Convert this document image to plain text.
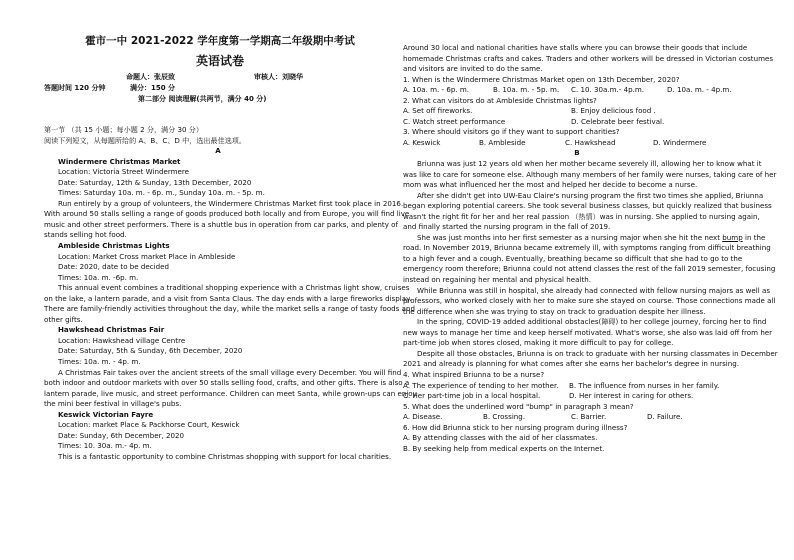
霍市一中 2021-2022 学年度第一学期高二年级期中考试
英语试卷
命题人：张辰致	审核人：刘晓华
答题时间 120 分钟	满分：150 分
第二部分 阅读理解(共两节，满分 40 分)

第一节 （共 15 小题；每小题 2 分，满分 30 分）

阅读下列短文，从每题所给的 A、B、C、D 中，选出最佳选项。

A

Windermere Christmas Market

Location: Victoria Street Windermere

Date: Saturday, 12th & Sunday, 13th December, 2020

Times: Saturday 10a. m. - 6p. m., Sunday 10a. m. - 5p. m.

Run entirely by a group of volunteers, the Windermere Christmas Market first took place in 2016.

With around 50 stalls selling a range of goods produced both locally and from Europe, you will find live

music and other street performers. There is a shuttle bus in operation from car parks, and plenty of

stands selling hot food.

Ambleside Christmas Lights

Location: Market Cross market Place in Ambleside

Date: 2020, date to be decided

Times: 10a. m. -6p. m.

This annual event combines a traditional shopping experience with a Christmas light show, cruises

on the lake, a lantern parade, and a visit from Santa Claus. The day ends with a large fireworks display.

There are family-friendly activities throughout the day, while the market sells a range of tasty foods and

other gifts.

Hawkshead Christmas Fair

Location: Hawkshead village Centre

Date: Saturday, 5th & Sunday, 6th December, 2020

Times: 10a. m. - 4p. m.

A Christmas Fair takes over the ancient streets of the small village every December. You will find

both indoor and outdoor markets with over 50 stalls selling food, crafts, and other gifts. There is also a

lantern parade, live music, and street performance. Children can meet Santa, while grown-ups can enjoy

the mini beer festival in village's pubs.

Keswick Victorian Fayre

Location: market Place & Packhorse Court, Keswick

Date: Sunday, 6th December, 2020

Times: 10. 30a. m.- 4p. m.

This is a fantastic opportunity to combine Christmas shopping with support for local charities.

Around 30 local and national charities have stalls where you can browse their goods that include

homemade Christmas crafts and cakes. Traders and other workers will be dressed in Victorian costumes

and visitors are invited to do the same.

1. When is the Windermere Christmas Market open on 13th December, 2020?

A. 10a. m. - 6p. m.	B. 10a. m. - 5p. m.	C. 10. 30a.m.- 4p.m.	D. 10a. m. - 4p.m.

2. What can visitors do at Ambleside Christmas lights?

A. Set off fireworks.	B. Enjoy delicious food .

C. Watch street performance	D. Celebrate beer festival.

3. Where should visitors go if they want to support charities?

A. Keswick	B. Ambleside	C. Hawkshead	D. Windermere

B

Briunna was just 12 years old when her mother became severely ill, allowing her to know what it

was like to care for someone else. Although many members of her family were nurses, taking care of her

mom was what influenced her the most and helped her decide to become a nurse.

After she didn't get into UW-Eau Claire's nursing program the first two times she applied, Briunna

began exploring potential careers. She took several business classes, but quickly realized that business

wasn't the right fit for her and her real passion （热情）was in nursing. She applied to nursing again,

and finally started the nursing program in the fall of 2019.

She was just months into her first semester as a nursing major when she hit the next bump in the

road. In November 2019, Briunna became extremely ill, with symptoms ranging from difficult breathing

to a high fever and a cough. Eventually, breathing became so difficult that she had to go to the

emergency room therefore; Briunna could not attend classes the rest of the fall 2019 semester, focusing

instead on regaining her mental and physical health.

While Briunna was still in hospital, she already had connected with fellow nursing majors as well as

professors, who worked closely with her to make sure she stayed on course. Those connections made all

the difference when she was trying to stay on track to graduation despite her illness.

In the spring, COVID-19 added additional obstacles(障碍) to her college journey, forcing her to find

new ways to manage her time and keep herself motivated. What's worse, she also was laid off from her

part-time job when stores closed, making it more difficult to pay for college.

Despite all those obstacles, Briunna is on track to graduate with her nursing classmates in December

2021 and already is planning for what comes after she earns her bachelor's degree in nursing.

4. What inspired Briunna to be a nurse?

A. The experience of tending to her mother.	B. The influence from nurses in her family.

C. Her part-time job in a local hospital.	D. Her interest in caring for others.

5. What does the underlined word "bump" in paragraph 3 mean?

A. Disease.	B. Crossing.	C. Barrier.	D. Failure.

6. How did Briunna stick to her nursing program during illness?

A. By attending classes with the aid of her classmates.

B. By seeking help from medical experts on the Internet.
